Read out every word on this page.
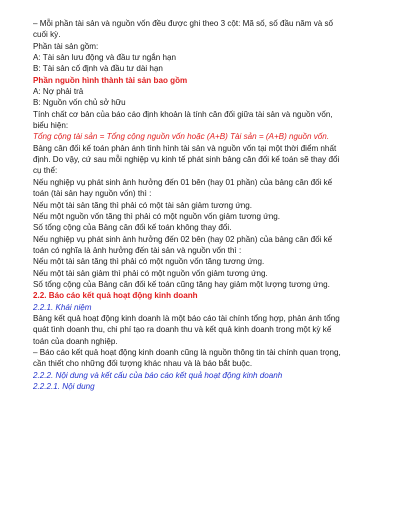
– Mỗi phần tài sản và nguồn vốn đều được ghi theo 3 cột: Mã số, số đầu năm và số
cuối kỳ.
Phần tài sản gồm:
A: Tài sản lưu động và đầu tư ngắn hạn
B: Tài sản cố định và đầu tư dài hạn
Phần nguồn hình thành tài sản bao gồm
A: Nợ phải trả
B: Nguồn vốn chủ sở hữu
Tính chất cơ bản của báo cáo định khoản là tính cân đối giữa tài sản và nguồn vốn,
biểu hiện:
Tổng cộng tài sản = Tổng cộng nguồn vốn hoặc (A+B) Tài sản = (A+B) nguồn vốn.
Bảng cân đối kế toán phản ánh tình hình tài sản và nguồn vốn tại một thời điểm nhất
định. Do vậy, cứ sau mỗi nghiệp vụ kinh tế phát sinh bảng cân đối kế toán sẽ thay đổi
cụ thể:
Nếu nghiệp vụ phát sinh ảnh hưởng đến 01 bên (hay 01 phần) của bảng cân đối kế
toán (tài sản hay nguồn vốn) thì :
Nếu một tài sản tăng thì phải có một tài sản giảm tương ứng.
Nếu một nguồn vốn tăng thì phải có một nguồn vốn giảm tương ứng.
Số tổng cộng của Bảng cân đối kế toán không thay đổi.
Nếu nghiệp vụ phát sinh ảnh hưởng đến 02 bên (hay 02 phần) của bảng cân đối kế
toán có nghĩa là ảnh hưởng đến tài sản và nguồn vốn thì :
Nếu một tài sản tăng thì phải có một nguồn vốn tăng tương ứng.
Nếu một tài sản giảm thì phải có một nguồn vốn giảm tương ứng.
Số tổng cộng của Bảng cân đối kế toán cũng tăng hay giảm một lượng tương ứng.
2.2. Báo cáo kết quả hoạt động kinh doanh
2.2.1. Khái niệm
Bảng kết quả hoạt động kinh doanh là một báo cáo tài chính tổng hợp, phản ánh tổng
quát tình doanh thu, chi phí tạo ra doanh thu và kết quả kinh doanh trong một kỳ kế
toán của doanh nghiệp.
– Báo cáo kết quả hoạt động kinh doanh cũng là nguồn thông tin tài chính quan trọng,
cần thiết cho những đối tượng khác nhau và là báo bắt buộc.
2.2.2. Nội dung và kết cấu của báo cáo kết quả hoạt động kinh doanh
2.2.2.1. Nội dung
